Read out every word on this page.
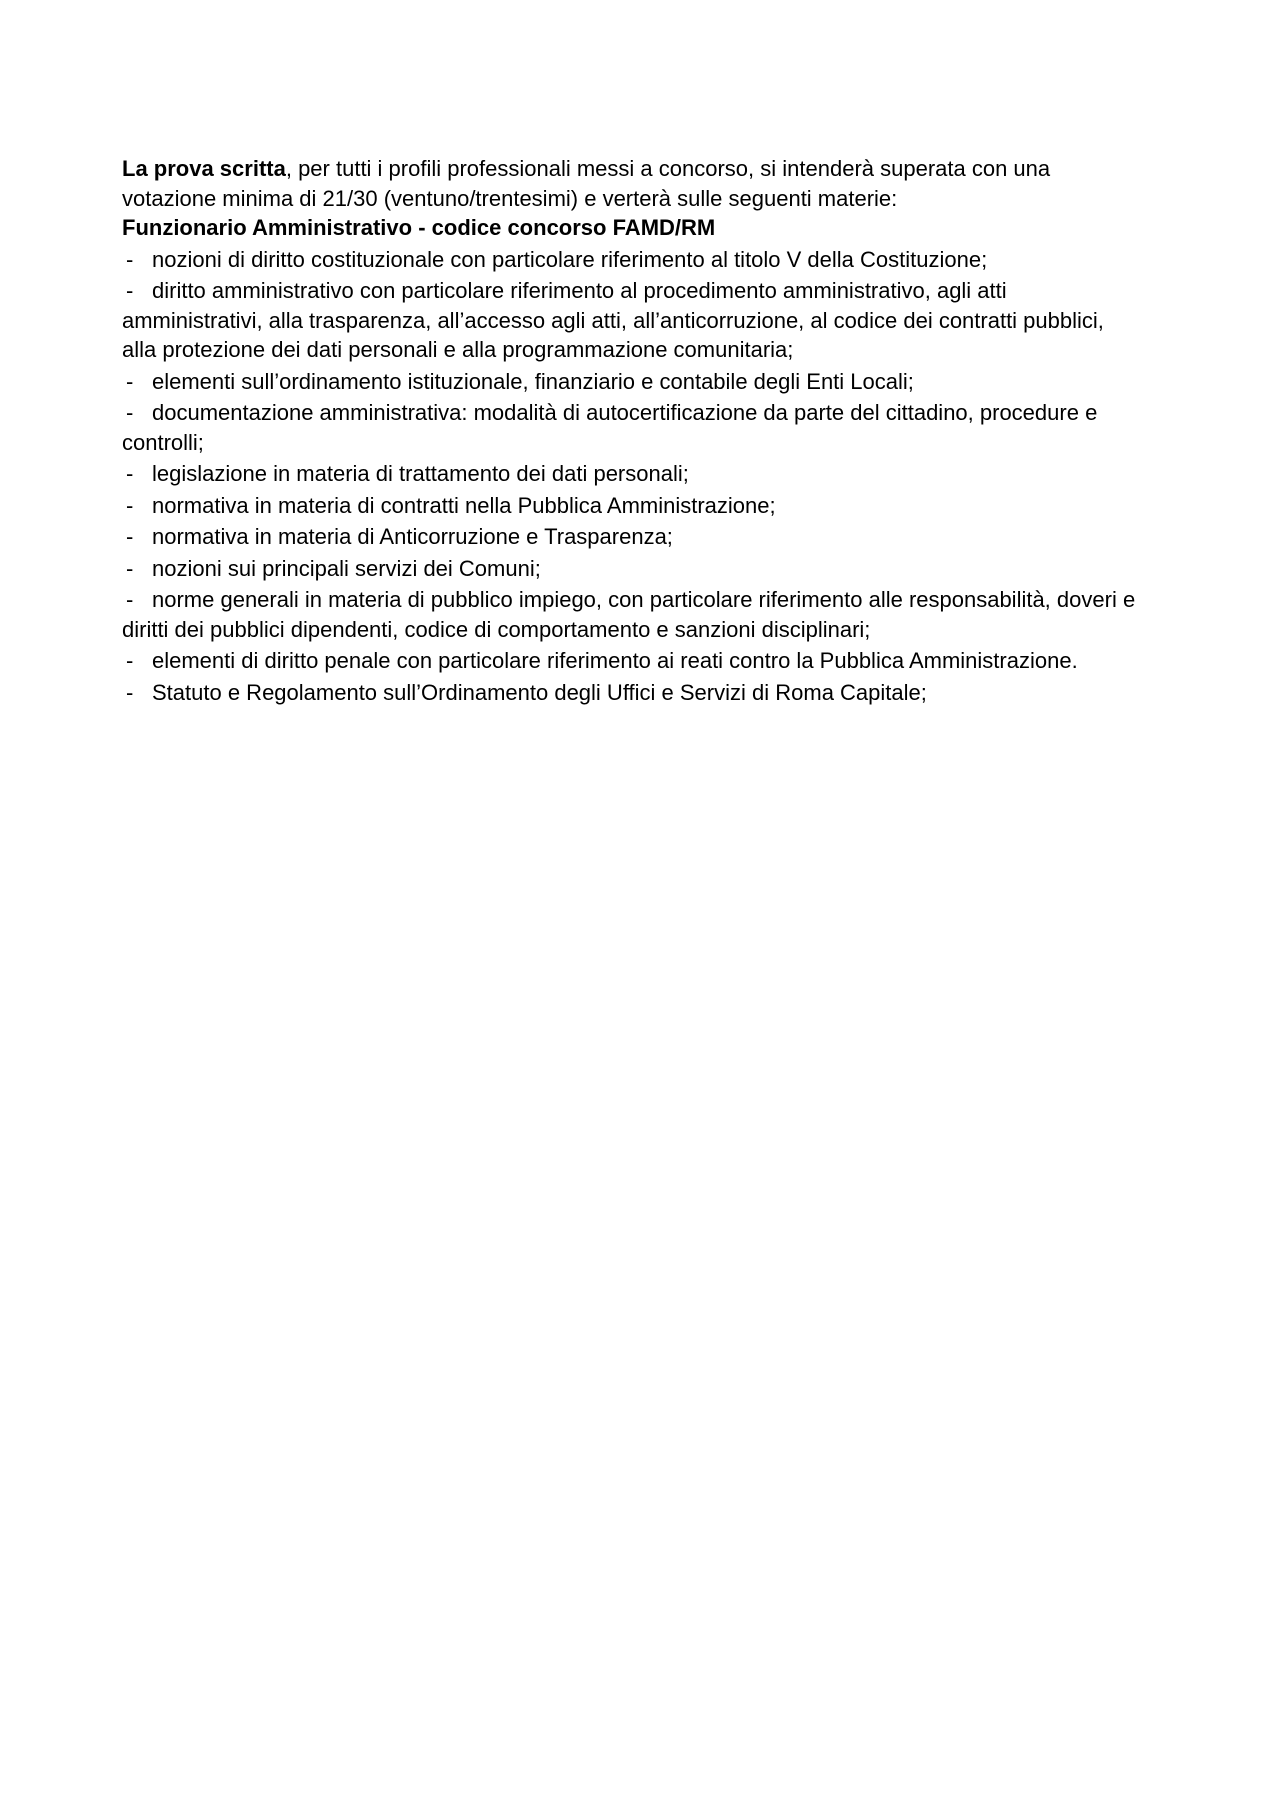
La prova scritta, per tutti i profili professionali messi a concorso, si intenderà superata con una votazione minima di 21/30 (ventuno/trentesimi) e verterà sulle seguenti materie:

Funzionario Amministrativo - codice concorso FAMD/RM

- nozioni di diritto costituzionale con particolare riferimento al titolo V della Costituzione;
- diritto amministrativo con particolare riferimento al procedimento amministrativo, agli atti amministrativi, alla trasparenza, all’accesso agli atti, all’anticorruzione, al codice dei contratti pubblici, alla protezione dei dati personali e alla programmazione comunitaria;
- elementi sull’ordinamento istituzionale, finanziario e contabile degli Enti Locali;
- documentazione amministrativa: modalità di autocertificazione da parte del cittadino, procedure e controlli;
- legislazione in materia di trattamento dei dati personali;
- normativa in materia di contratti nella Pubblica Amministrazione;
- normativa in materia di Anticorruzione e Trasparenza;
- nozioni sui principali servizi dei Comuni;
- norme generali in materia di pubblico impiego, con particolare riferimento alle responsabilità, doveri e diritti dei pubblici dipendenti, codice di comportamento e sanzioni disciplinari;
- elementi di diritto penale con particolare riferimento ai reati contro la Pubblica Amministrazione.
- Statuto e Regolamento sull’Ordinamento degli Uffici e Servizi di Roma Capitale;
